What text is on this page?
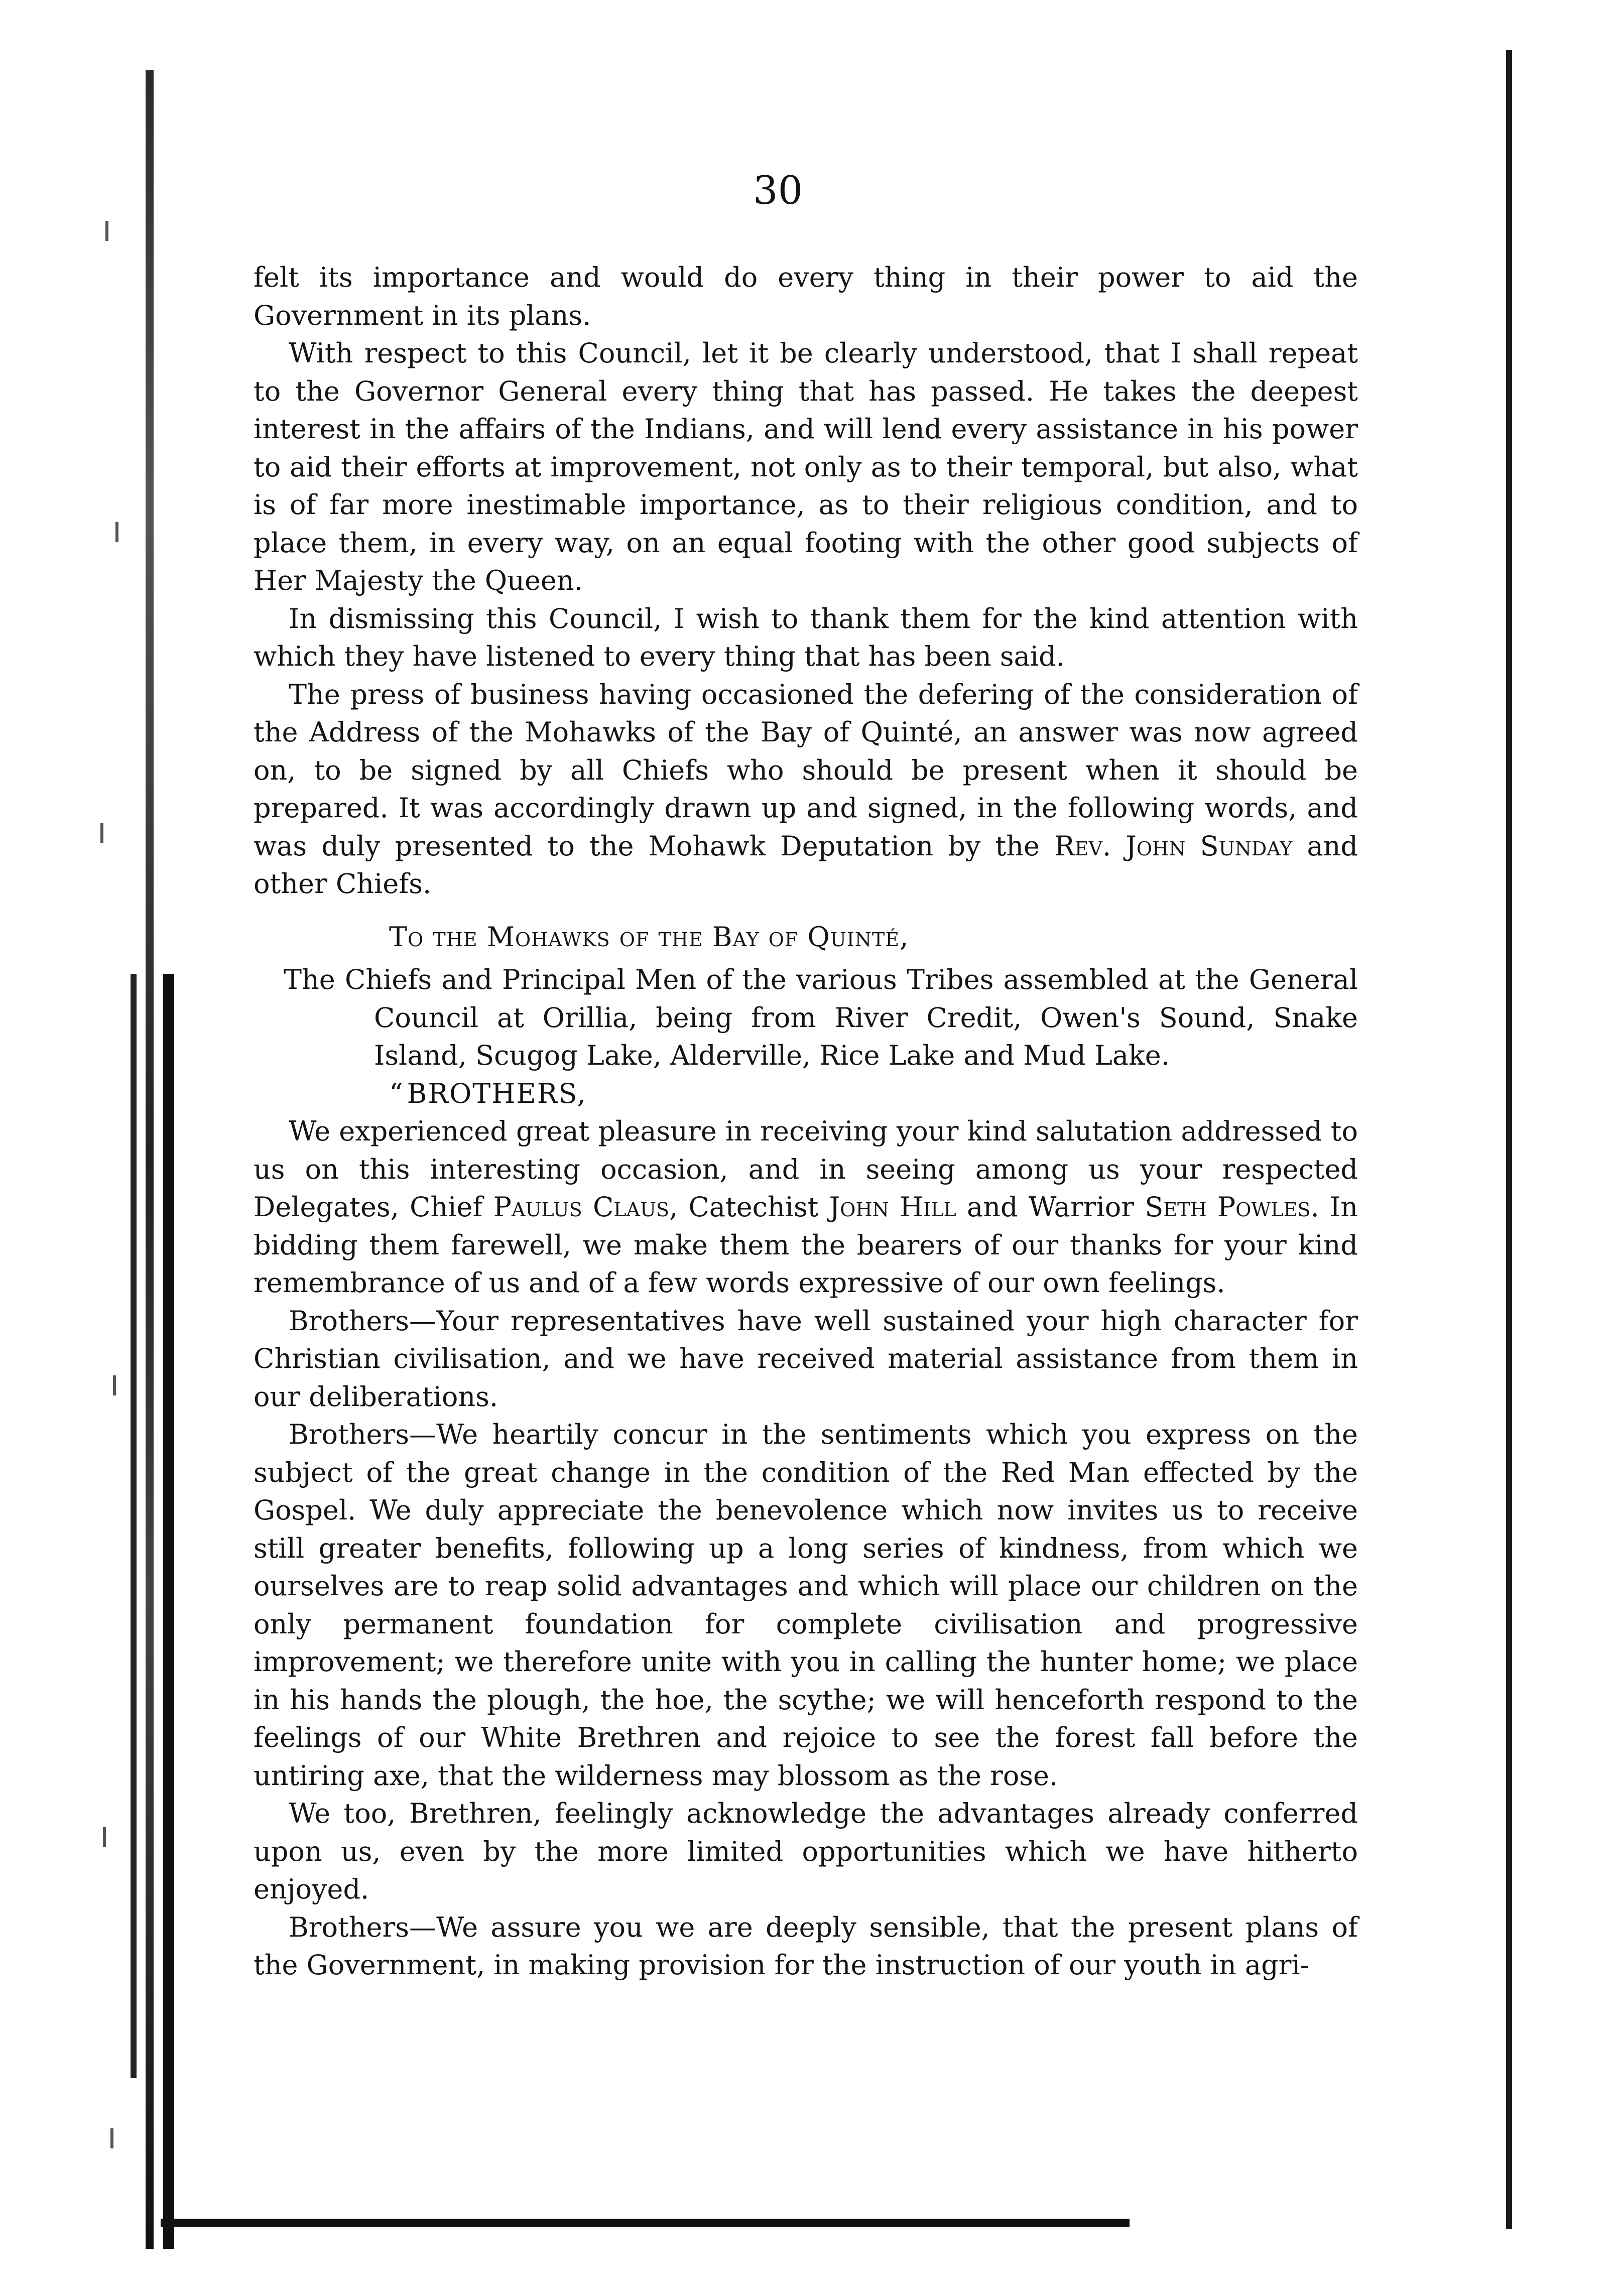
30

felt its importance and would do every thing in their power to aid the Government in its plans.

With respect to this Council, let it be clearly understood, that I shall repeat to the Governor General every thing that has passed. He takes the deepest interest in the affairs of the Indians, and will lend every assistance in his power to aid their efforts at improvement, not only as to their temporal, but also, what is of far more inestimable importance, as to their religious condition, and to place them, in every way, on an equal footing with the other good subjects of Her Majesty the Queen.

In dismissing this Council, I wish to thank them for the kind attention with which they have listened to every thing that has been said.

The press of business having occasioned the defering of the consideration of the Address of the Mohawks of the Bay of Quinté, an answer was now agreed on, to be signed by all Chiefs who should be present when it should be prepared. It was accordingly drawn up and signed, in the following words, and was duly presented to the Mohawk Deputation by the Rev. John Sunday and other Chiefs.

To the Mohawks of the Bay of Quinté,

The Chiefs and Principal Men of the various Tribes assembled at the General Council at Orillia, being from River Credit, Owen's Sound, Snake Island, Scugog Lake, Alderville, Rice Lake and Mud Lake.

“ BROTHERS,

We experienced great pleasure in receiving your kind salutation addressed to us on this interesting occasion, and in seeing among us your respected Delegates, Chief Paulus Claus, Catechist John Hill and Warrior Seth Powles. In bidding them farewell, we make them the bearers of our thanks for your kind remembrance of us and of a few words expressive of our own feelings.

Brothers—Your representatives have well sustained your high character for Christian civilisation, and we have received material assistance from them in our deliberations.

Brothers—We heartily concur in the sentiments which you express on the subject of the great change in the condition of the Red Man effected by the Gospel. We duly appreciate the benevolence which now invites us to receive still greater benefits, following up a long series of kindness, from which we ourselves are to reap solid advantages and which will place our children on the only permanent foundation for complete civilisation and progressive improvement; we therefore unite with you in calling the hunter home; we place in his hands the plough, the hoe, the scythe; we will henceforth respond to the feelings of our White Brethren and rejoice to see the forest fall before the untiring axe, that the wilderness may blossom as the rose.

We too, Brethren, feelingly acknowledge the advantages already conferred upon us, even by the more limited opportunities which we have hitherto enjoyed.

Brothers—We assure you we are deeply sensible, that the present plans of the Government, in making provision for the instruction of our youth in agri-
